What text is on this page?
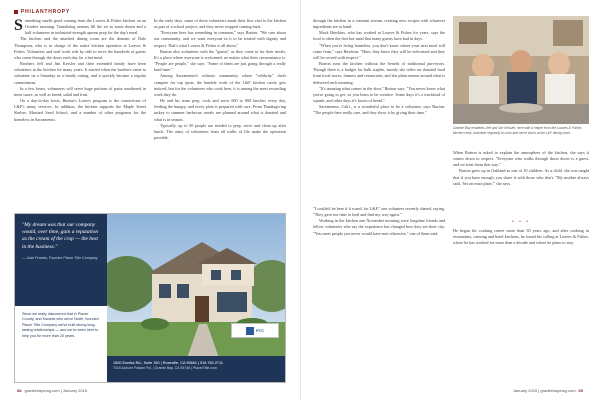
PHILANTHROPY

Something smells good coming from the Loaves & Fishes kitchen on an October morning. Tantalizing aromas fill the air as some dozen and a half volunteers in industrial-strength aprons prep for the day's meal.

The kitchen and the attached dining room are the domain of Dale Thompson, who is in charge of the entire kitchen operation at Loaves & Fishes. Volunteers and staff work side by side to serve the hundreds of guests who come through the doors each day for a hot meal.

Brothers Jeff and Jim Kessler and their extended family have been volunteers at the kitchen for many years. It started when the brothers came to volunteer on a Saturday as a family outing, and it quickly became a regular commitment.

In a few hours, volunteers will serve huge portions of pasta smothered in meat sauce, as well as bread, salad and fruit.

On a day-to-day basis, Burton's Loaves program is the cornerstone of L&F's many services. In addition, the kitchen supports the Maple Street Shelter, Mustard Seed School, and a number of other programs for the homeless in Sacramento.

In the early days, some of these volunteers made their first visit to the kitchen as part of a school project, and they never stopped coming back.

"Everyone here has something in common," says Burton. "We care about our community, and we want everyone in it to be treated with dignity and respect. That's what Loaves & Fishes is all about."

Burton also volunteers with the "guests" as they come in for their meals. It's a place where everyone is welcomed, no matter what their circumstance is. "People are people," she says. "Some of them are just going through a really hard time."

Among Sacramento's culinary community, where "celebrity" chefs compete for top spots, the humble work of the L&F kitchen rarely gets noticed, but for the volunteers who cook here, it is among the most rewarding work they do.

He and his team prep, cook and serve 600 to 800 lunches every day, feeding the hungry, and every plate is prepared with care. From Thanksgiving turkey to summer barbecue, meals are planned around what is donated and what is in season.

Typically, up to 50 people are needed to prep, serve and clean up after lunch. The army of volunteers from all walks of life make the operation possible.

"My dream was that our company would, over time, gain a reputation as the cream of the crop — the best in the business."
— Jose Francis, Founder Placer Title Company
Since we really discovered that in Placer County, and Kiwanis who serve North, founded Placer Title Company we've built strong long-lasting relationships — and we've been here to help you for more than 20 years.
PTC
1500 Eureka Rd., Suite 150 | Roseville, CA 95661 | 916.782.2711
7415 Auburn Folsom Rd. | Granite Bay, CA 95746 | PlacerTitle.com
68 granitebaymag.com | January 2015

through the kitchen in a constant stream, creating new recipes with whatever ingredients are at hand.

Mack Hawkins, who has worked at Loaves & Fishes for years, says the food is often the first hot meal that many guests have had in days.

"When you're living homeless, you don't know where your next meal will come from," says Hawkins. "Here, they know they will be welcomed and they will be served with respect."

Burton runs the kitchen without the benefit of traditional purveyors. Though there is a budget for bulk staples, mostly she relies on donated food from local stores, farmers and restaurants, and she plans menus around what is delivered each morning.

"It's amazing what comes in the door," Burton says. "You never know what you're going to get, so you learn to be creative. Some days it's a truckload of squash, and other days it's boxes of bread."

Sacramento, Calif., is a wonderful place to be a volunteer, says Burton. "The people here really care, and they show it by giving their time."

"I couldn't be here if it wasn't for L&F," one volunteer recently shared, saying, "They gave me time to heal and find my way again."

Working in the kitchen one November morning were longtime friends and fellow volunteers who say the experience has changed how they see their city. "You meet people you never would have met otherwise," one of them said.

Granite Bay residents Jeff and Jim Kessler, here with a helper from the Loaves & Fishes kitchen crew, volunteer regularly to cook and serve lunch at the L&F dining room.

When Burton is asked to explain the atmosphere of the kitchen, she says it comes down to respect. "Everyone who walks through those doors is a guest, and we treat them that way."

Burton grew up in Oakland as one of 10 children. As a child, she was taught that if you have enough, you share it with those who don't. "My mother always said, 'Set an extra plate,'" she says.

• • •

He began his cooking career more than 30 years ago, and after cooking in restaurants, catering and hotel kitchens, he found his calling at Loaves & Fishes, where he has worked for more than a decade and where he plans to stay.

January 2015 | granitebaymag.com 69
